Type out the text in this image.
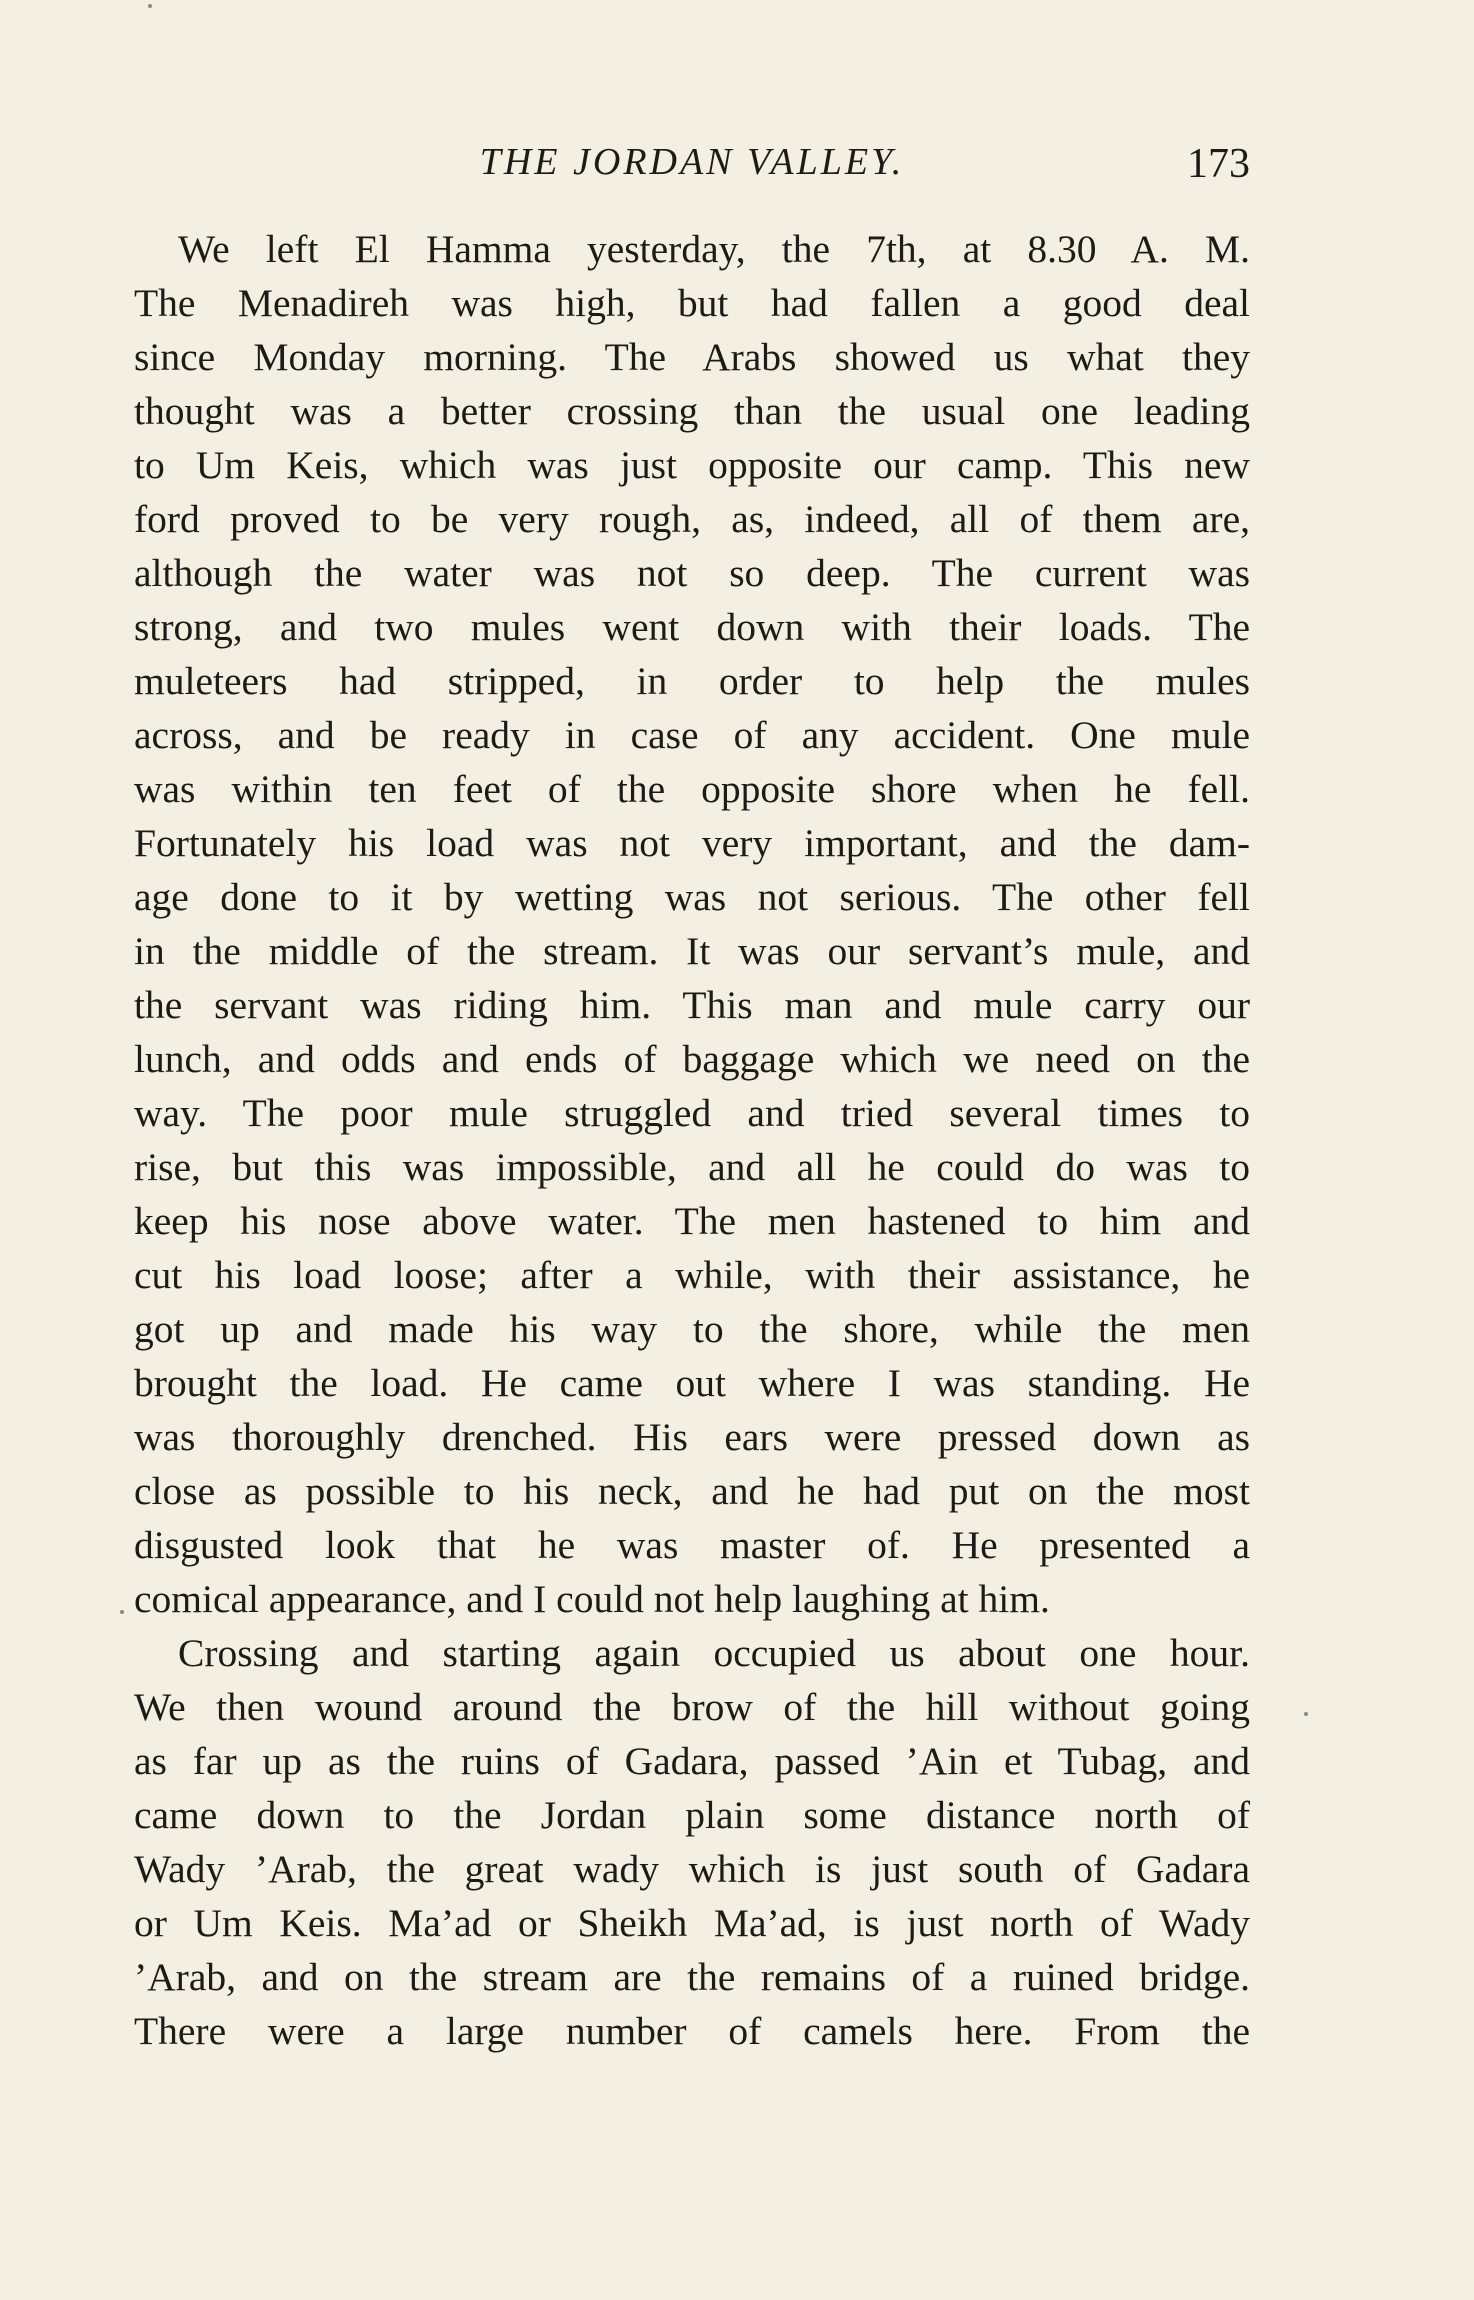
THE JORDAN VALLEY.	173
We left El Hamma yesterday, the 7th, at 8.30 A. M.
The Menadireh was high, but had fallen a good deal
since Monday morning. The Arabs showed us what they
thought was a better crossing than the usual one leading
to Um Keis, which was just opposite our camp. This new
ford proved to be very rough, as, indeed, all of them are,
although the water was not so deep. The current was
strong, and two mules went down with their loads. The
muleteers had stripped, in order to help the mules
across, and be ready in case of any accident. One mule
was within ten feet of the opposite shore when he fell.
Fortunately his load was not very important, and the dam-
age done to it by wetting was not serious. The other fell
in the middle of the stream. It was our servant’s mule, and
the servant was riding him. This man and mule carry our
lunch, and odds and ends of baggage which we need on the
way. The poor mule struggled and tried several times to
rise, but this was impossible, and all he could do was to
keep his nose above water. The men hastened to him and
cut his load loose; after a while, with their assistance, he
got up and made his way to the shore, while the men
brought the load. He came out where I was standing. He
was thoroughly drenched. His ears were pressed down as
close as possible to his neck, and he had put on the most
disgusted look that he was master of. He presented a
comical appearance, and I could not help laughing at him.
Crossing and starting again occupied us about one hour.
We then wound around the brow of the hill without going
as far up as the ruins of Gadara, passed ’Ain et Tubag, and
came down to the Jordan plain some distance north of
Wady ’Arab, the great wady which is just south of Gadara
or Um Keis. Ma’ad or Sheikh Ma’ad, is just north of Wady
’Arab, and on the stream are the remains of a ruined bridge.
There were a large number of camels here. From the
